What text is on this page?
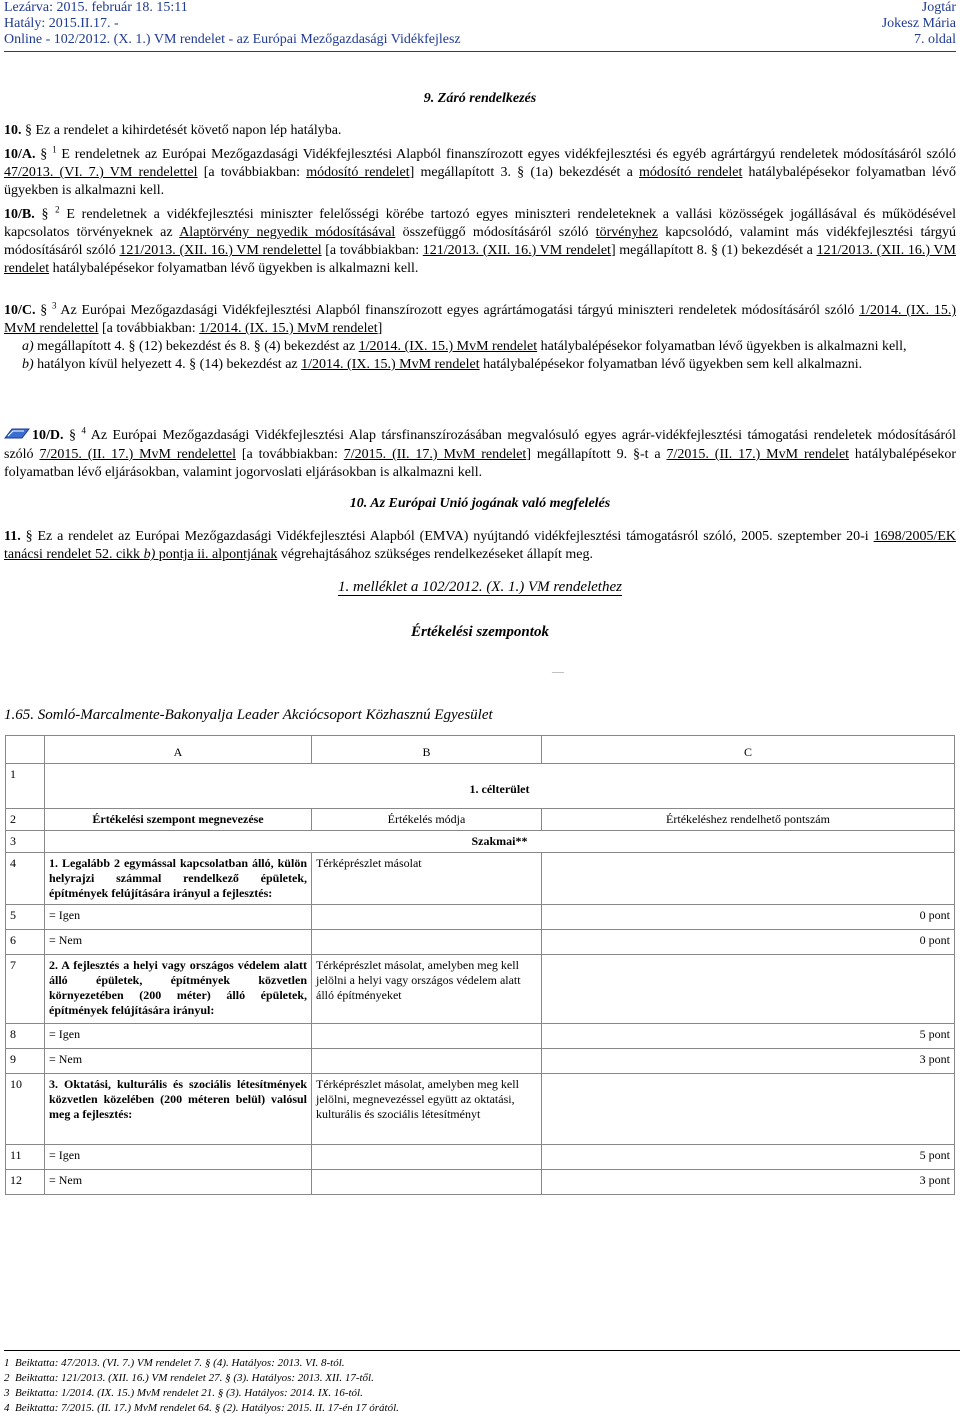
Lezárva: 2015. február 18. 15:11
Hatály: 2015.II.17. -
Online - 102/2012. (X. 1.) VM rendelet - az Európai Mezőgazdasági Vidékfejlesz
Jogtár
Jokesz Mária
7. oldal
9. Záró rendelkezés
10. § Ez a rendelet a kihirdetését követő napon lép hatályba.
10/A. § $^1$ E rendeletnek az Európai Mezőgazdasági Vidékfejlesztési Alapból finanszírozott egyes vidékfejlesztési és egyéb agrártárgyú rendeletek módosításáról szóló 47/2013. (VI. 7.) VM rendelettel [a továbbiakban: módosító rendelet] megállapított 3. § (1a) bekezdését a módosító rendelet hatálybalépésekor folyamatban lévő ügyekben is alkalmazni kell.
10/B. § $^2$ E rendeletnek a vidékfejlesztési miniszter felelősségi körébe tartozó egyes miniszteri rendeleteknek a vallási közösségek jogállásával és működésével kapcsolatos törvényeknek az Alaptörvény negyedik módosításával összefüggő módosításáról szóló törvényhez kapcsolódó, valamint más vidékfejlesztési tárgyú módosításáról szóló 121/2013. (XII. 16.) VM rendelettel [a továbbiakban: 121/2013. (XII. 16.) VM rendelet] megállapított 8. § (1) bekezdését a 121/2013. (XII. 16.) VM rendelet hatálybalépésekor folyamatban lévő ügyekben is alkalmazni kell.
10/C. § $^3$ Az Európai Mezőgazdasági Vidékfejlesztési Alapból finanszírozott egyes agrártámogatási tárgyú miniszteri rendeletek módosításáról szóló 1/2014. (IX. 15.) MvM rendelettel [a továbbiakban: 1/2014. (IX. 15.) MvM rendelet]
a) megállapított 4. § (12) bekezdést és 8. § (4) bekezdést az 1/2014. (IX. 15.) MvM rendelet hatálybalépésekor folyamatban lévő ügyekben is alkalmazni kell,
b) hatályon kívül helyezett 4. § (14) bekezdést az 1/2014. (IX. 15.) MvM rendelet hatálybalépésekor folyamatban lévő ügyekben sem kell alkalmazni.
10/D. § $^4$ Az Európai Mezőgazdasági Vidékfejlesztési Alap társfinanszírozásában megvalósuló egyes agrár-vidékfejlesztési támogatási rendeletek módosításáról szóló 7/2015. (II. 17.) MvM rendelettel [a továbbiakban: 7/2015. (II. 17.) MvM rendelet] megállapított 9. §-t a 7/2015. (II. 17.) MvM rendelet hatálybalépésekor folyamatban lévő eljárásokban, valamint jogorvoslati eljárásokban is alkalmazni kell.
10. Az Európai Unió jogának való megfelelés
11. § Ez a rendelet az Európai Mezőgazdasági Vidékfejlesztési Alapból (EMVA) nyújtandó vidékfejlesztési támogatásról szóló, 2005. szeptember 20-i 1698/2005/EK tanácsi rendelet 52. cikk b) pontja ii. alpontjának végrehajtásához szükséges rendelkezéseket állapít meg.
1. melléklet a 102/2012. (X. 1.) VM rendelethez
Értékelési szempontok
—
1.65. Somló-Marcalmente-Bakonyalja Leader Akciócsoport Közhasznú Egyesület
	A	B	C
1	1. célterület		
2	Értékelési szempont megnevezése	Értékelés módja	Értékeléshez rendelhető pontszám
3	Szakmai**		
4	1. Legalább 2 egymással kapcsolatban álló, külön helyrajzi számmal rendelkező épületek, építmények felújítására irányul a fejlesztés:	Térképrészlet másolat	
5	= Igen		0 pont
6	= Nem		0 pont
7	2. A fejlesztés a helyi vagy országos védelem alatt álló épületek, építmények közvetlen környezetében (200 méter) álló épületek, építmények felújítására irányul:	Térképrészlet másolat, amelyben meg kell jelölni a helyi vagy országos védelem alatt álló építményeket	
8	= Igen		5 pont
9	= Nem		3 pont
10	3. Oktatási, kulturális és szociális létesítmények közvetlen közelében (200 méteren belül) valósul meg a fejlesztés:	Térképrészlet másolat, amelyben meg kell jelölni, megnevezéssel együtt az oktatási, kulturális és szociális létesítményt	
11	= Igen		5 pont
12	= Nem		3 pont
1 Beiktatta: 47/2013. (VI. 7.) VM rendelet 7. § (4). Hatályos: 2013. VI. 8-tól.
2 Beiktatta: 121/2013. (XII. 16.) VM rendelet 27. § (3). Hatályos: 2013. XII. 17-től.
3 Beiktatta: 1/2014. (IX. 15.) MvM rendelet 21. § (3). Hatályos: 2014. IX. 16-tól.
4 Beiktatta: 7/2015. (II. 17.) MvM rendelet 64. § (2). Hatályos: 2015. II. 17-én 17 órától.
